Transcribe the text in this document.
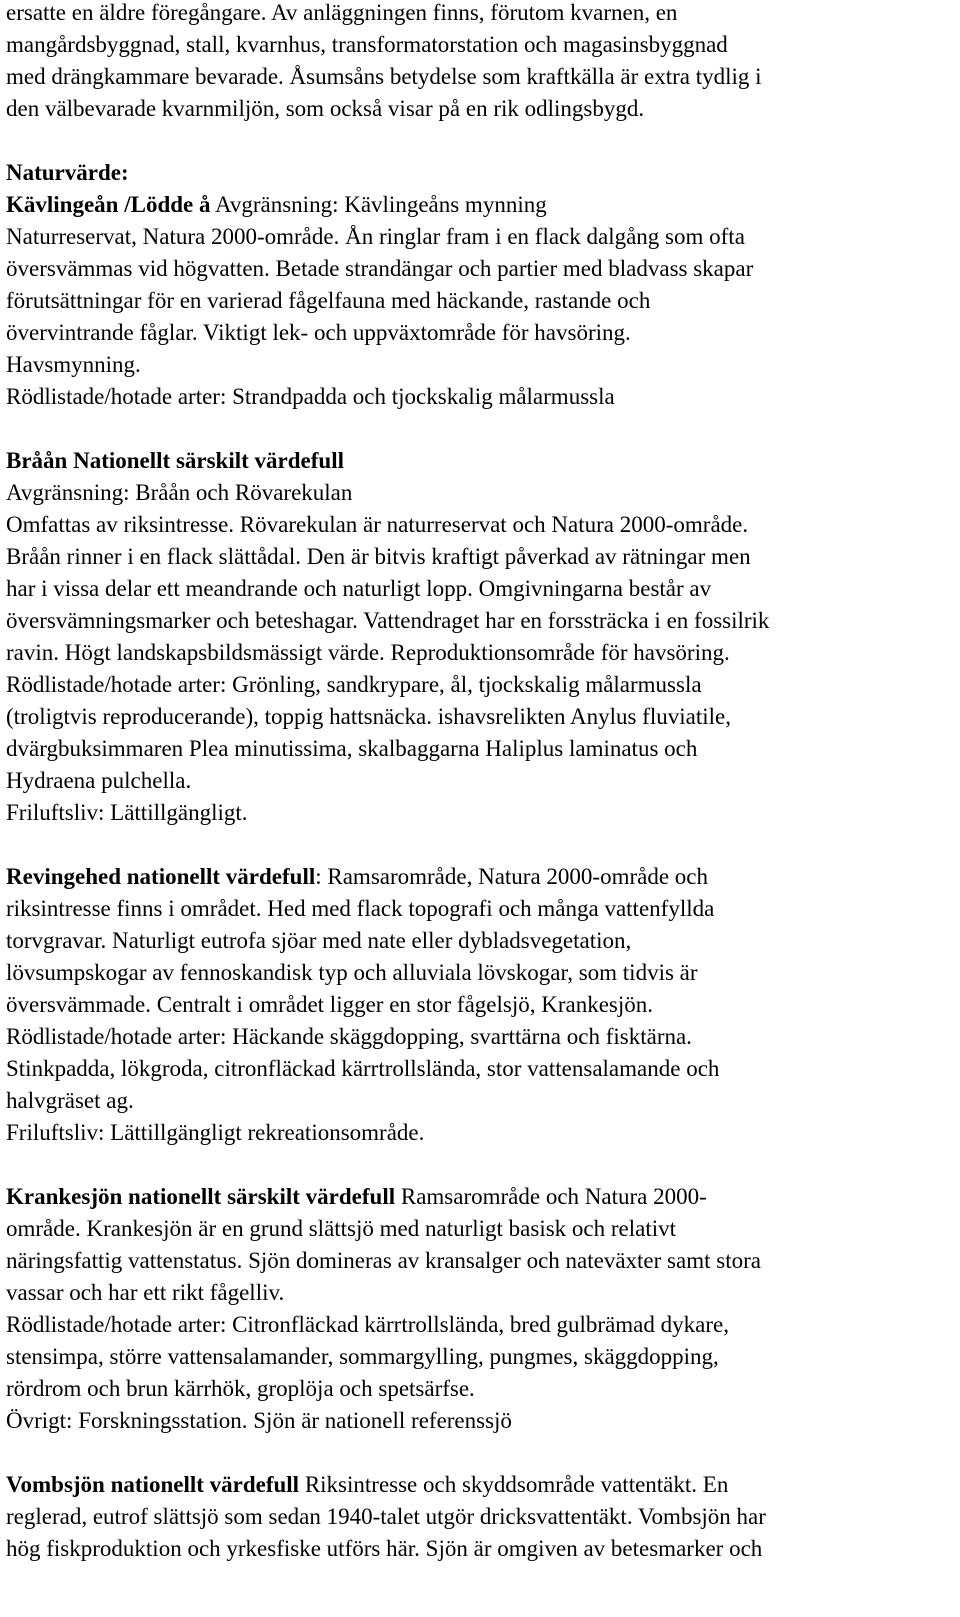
ersatte en äldre föregångare. Av anläggningen finns, förutom kvarnen, en
mangårdsbyggnad, stall, kvarnhus, transformatorstation och magasinsbyggnad
med drängkammare bevarade. Åsumsåns betydelse som kraftkälla är extra tydlig i
den välbevarade kvarnmiljön, som också visar på en rik odlingsbygd.
Naturvärde:
Kävlingeån /Lödde å Avgränsning: Kävlingeåns mynning
Naturreservat, Natura 2000-område. Ån ringlar fram i en flack dalgång som ofta
översvämmas vid högvatten. Betade strandängar och partier med bladvass skapar
förutsättningar för en varierad fågelfauna med häckande, rastande och
övervintrande fåglar. Viktigt lek- och uppväxtområde för havsöring.
Havsmynning.
Rödlistade/hotade arter: Strandpadda och tjockskalig målarmussla
Bråån Nationellt särskilt värdefull
Avgränsning: Bråån och Rövarekulan
Omfattas av riksintresse. Rövarekulan är naturreservat och Natura 2000-område.
Bråån rinner i en flack slättådal. Den är bitvis kraftigt påverkad av rätningar men
har i vissa delar ett meandrande och naturligt lopp. Omgivningarna består av
översvämningsmarker och beteshagar. Vattendraget har en forssträcka i en fossilrik
ravin. Högt landskapsbildsmässigt värde. Reproduktionsområde för havsöring.
Rödlistade/hotade arter: Grönling, sandkrypare, ål, tjockskalig målarmussla
(troligtvis reproducerande), toppig hattsnäcka. ishavsrelikten Anylus fluviatile,
dvärgbuksimmaren Plea minutissima, skalbaggarna Haliplus laminatus och
Hydraena pulchella.
Friluftsliv: Lättillgängligt.
Revingehed nationellt värdefull: Ramsarområde, Natura 2000-område och
riksintresse finns i området. Hed med flack topografi och många vattenfyllda
torvgravar. Naturligt eutrofa sjöar med nate eller dybladsvegetation,
lövsumpskogar av fennoskandisk typ och alluviala lövskogar, som tidvis är
översvämmade. Centralt i området ligger en stor fågelsjö, Krankesjön.
Rödlistade/hotade arter: Häckande skäggdopping, svarttärna och fisktärna.
Stinkpadda, lökgroda, citronfläckad kärrtrollslända, stor vattensalamande och
halvgräset ag.
Friluftsliv: Lättillgängligt rekreationsområde.
Krankesjön nationellt särskilt värdefull Ramsarområde och Natura 2000-
område. Krankesjön är en grund slättsjö med naturligt basisk och relativt
näringsfattig vattenstatus. Sjön domineras av kransalger och nateväxter samt stora
vassar och har ett rikt fågelliv.
Rödlistade/hotade arter: Citronfläckad kärrtrollslända, bred gulbrämad dykare,
stensimpa, större vattensalamander, sommargylling, pungmes, skäggdopping,
rördrom och brun kärrhök, groplöja och spetsärfse.
Övrigt: Forskningsstation. Sjön är nationell referenssjö
Vombsjön nationellt värdefull Riksintresse och skyddsområde vattentäkt. En
reglerad, eutrof slättsjö som sedan 1940-talet utgör dricksvattentäkt. Vombsjön har
hög fiskproduktion och yrkesfiske utförs här. Sjön är omgiven av betesmarker och
